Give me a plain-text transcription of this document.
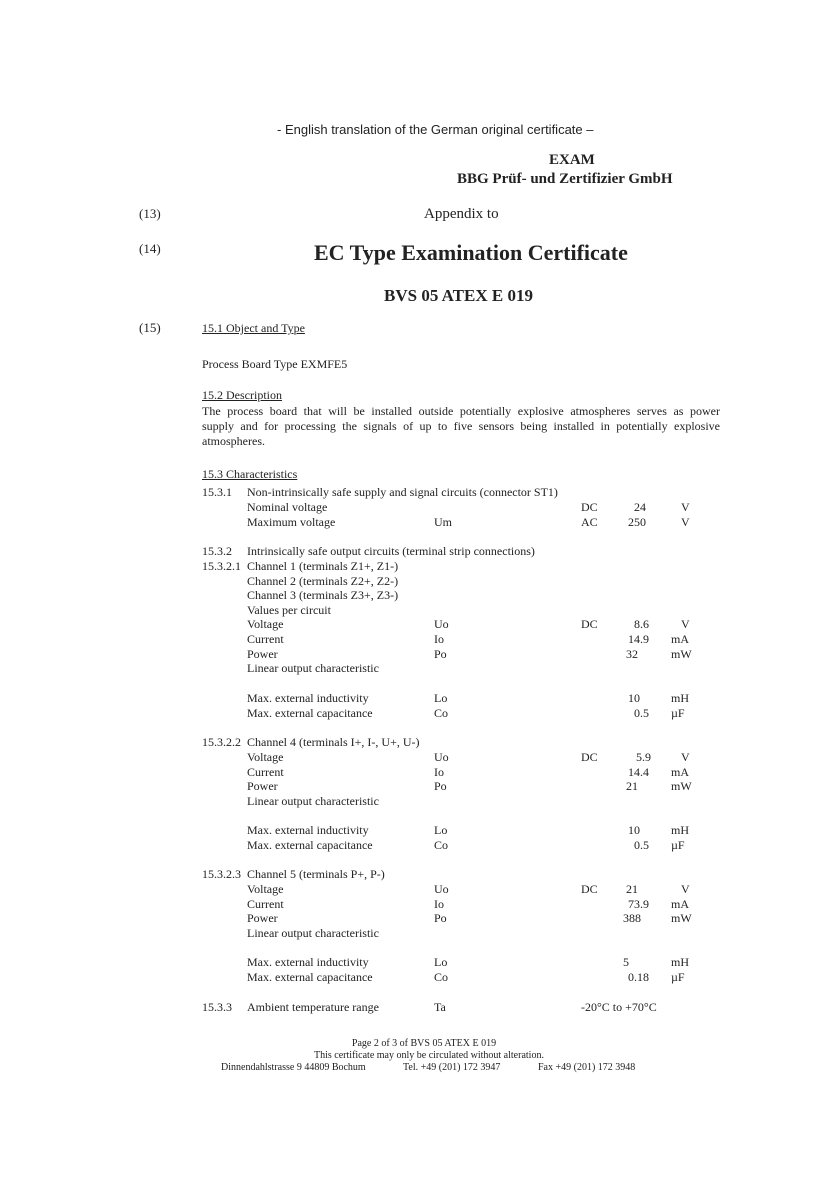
- English translation of the German original certificate –
EXAM
BBG Prüf- und Zertifizier GmbH
(13)	Appendix to
(14)	EC Type Examination Certificate
BVS 05 ATEX E 019
(15)	15.1 Object and Type
Process Board Type EXMFE5
15.2 Description
The process board that will be installed outside potentially explosive atmospheres serves as power
supply and for processing the signals of up to five sensors being installed in potentially explosive
atmospheres.
15.3 Characteristics
15.3.1 Non-intrinsically safe supply and signal circuits (connector ST1)
Nominal voltage	DC	24	V
Maximum voltage	Um	AC	250	V
15.3.2 Intrinsically safe output circuits (terminal strip connections)
15.3.2.1 Channel 1 (terminals Z1+, Z1-)
Channel 2 (terminals Z2+, Z2-)
Channel 3 (terminals Z3+, Z3-)
Values per circuit
Voltage	Uo	DC	8.6	V
Current	Io	14.9 mA
Power	Po	32	mW
Linear output characteristic
Max. external inductivity	Lo	10	mH
Max. external capacitance	Co	0.5 µF
15.3.2.2 Channel 4 (terminals I+, I-, U+, U-)
Voltage	Uo	DC	5.9	V
Current	Io	14.4 mA
Power	Po	21	mW
Linear output characteristic
Max. external inductivity	Lo	10	mH
Max. external capacitance	Co	0.5 µF
15.3.2.3 Channel 5 (terminals P+, P-)
Voltage	Uo	DC	21	V
Current	Io	73.9 mA
Power	Po	388	mW
Linear output characteristic
Max. external inductivity	Lo	5	mH
Max. external capacitance	Co	0.18 µF
15.3.3 Ambient temperature range	Ta	-20°C to +70°C
Page 2 of 3 of BVS 05 ATEX E 019
This certificate may only be circulated without alteration.
Dinnendahlstrasse 9 44809 Bochum	Tel. +49 (201) 172 3947	Fax +49 (201) 172 3948
